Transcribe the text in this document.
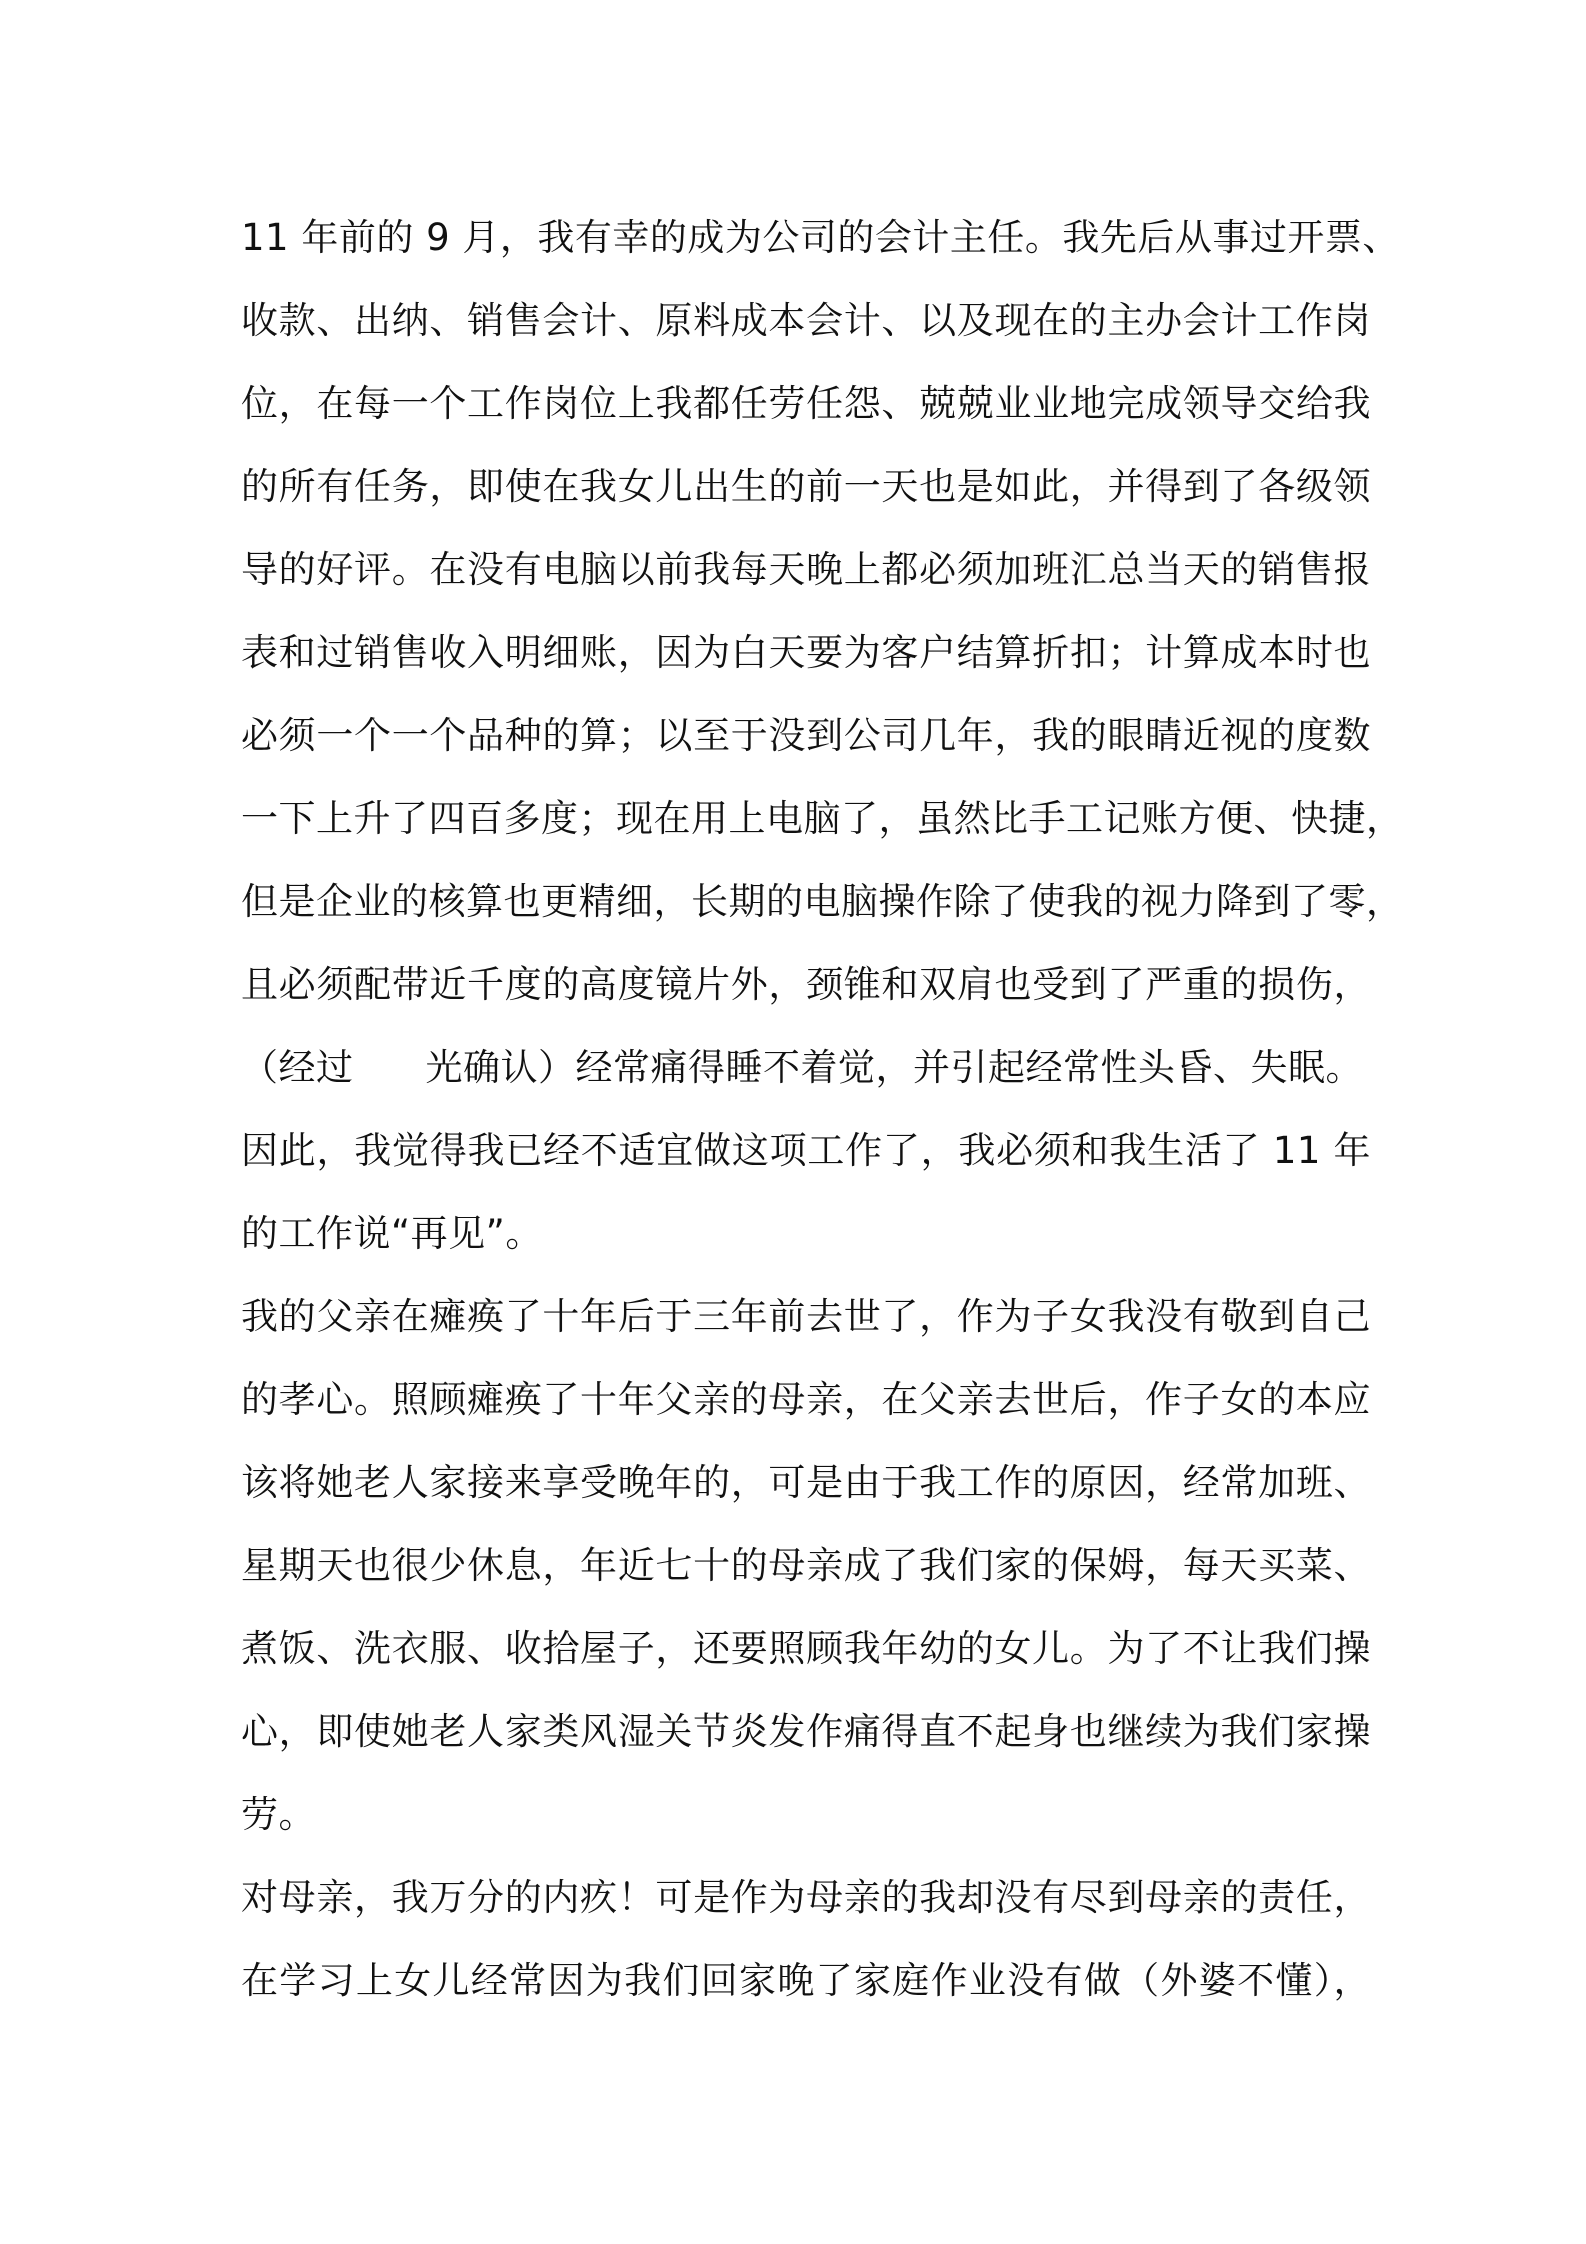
11 年前的 9 月，我有幸的成为公司的会计主任。我先后从事过开票、
收款、出纳、销售会计、原料成本会计、以及现在的主办会计工作岗
位，在每一个工作岗位上我都任劳任怨、兢兢业业地完成领导交给我
的所有任务，即使在我女儿出生的前一天也是如此，并得到了各级领
导的好评。在没有电脑以前我每天晚上都必须加班汇总当天的销售报
表和过销售收入明细账，因为白天要为客户结算折扣；计算成本时也
必须一个一个品种的算；以至于没到公司几年，我的眼睛近视的度数
一下上升了四百多度；现在用上电脑了，虽然比手工记账方便、快捷，
但是企业的核算也更精细，长期的电脑操作除了使我的视力降到了零，
且必须配带近千度的高度镜片外，颈锥和双肩也受到了严重的损伤，
（经过 光确认）经常痛得睡不着觉，并引起经常性头昏、失眠。
因此，我觉得我已经不适宜做这项工作了，我必须和我生活了 11 年
的工作说“再见”。
我的父亲在瘫痪了十年后于三年前去世了，作为子女我没有敬到自己
的孝心。照顾瘫痪了十年父亲的母亲，在父亲去世后，作子女的本应
该将她老人家接来享受晚年的，可是由于我工作的原因，经常加班、
星期天也很少休息，年近七十的母亲成了我们家的保姆，每天买菜、
煮饭、洗衣服、收拾屋子，还要照顾我年幼的女儿。为了不让我们操
心，即使她老人家类风湿关节炎发作痛得直不起身也继续为我们家操
劳。
对母亲，我万分的内疚！可是作为母亲的我却没有尽到母亲的责任，
在学习上女儿经常因为我们回家晚了家庭作业没有做（外婆不懂），
